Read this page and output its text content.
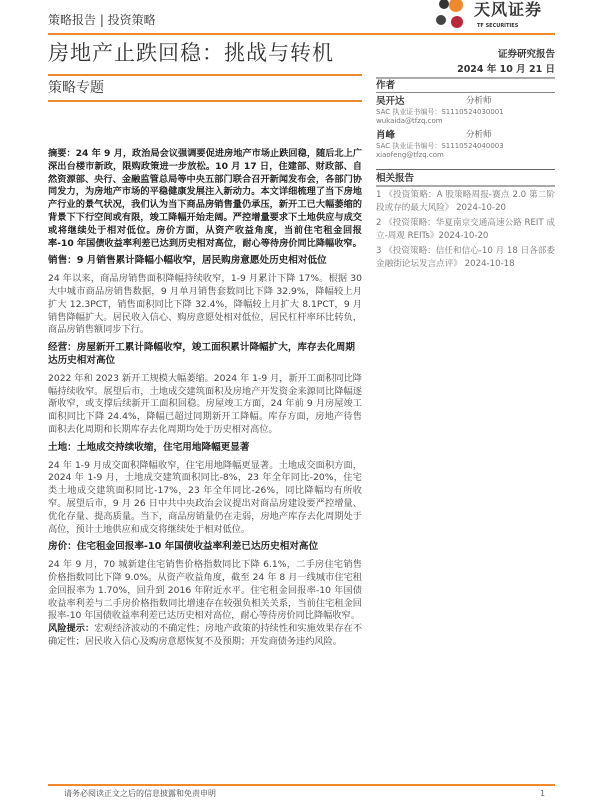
策略报告 | 投资策略
天风证券
TF SECURITIES
房地产止跌回稳：挑战与转机
策略专题

摘要：24 年 9 月，政治局会议强调要促进房地产市场止跌回稳，随后北上广深出台楼市新政，限购政策进一步放松。10 月 17 日，住建部、财政部、自然资源部、央行、金融监管总局等中央五部门联合召开新闻发布会，各部门协同发力，为房地产市场的平稳健康发展注入新动力。本文详细梳理了当下房地产行业的景气状况，我们认为当下商品房销售量仍承压，新开工已大幅萎缩的背景下下行空间或有限，竣工降幅开始走阔。严控增量要求下土地供应与成交或将继续处于相对低位。房价方面，从资产收益角度，当前住宅租金回报率-10 年国债收益率利差已达到历史相对高位，耐心等待房价同比降幅收窄。

销售：9 月销售累计降幅小幅收窄，居民购房意愿处历史相对低位

24 年以来，商品房销售面积降幅持续收窄，1-9 月累计下降 17%。根据 30 大中城市商品房销售数据，9 月单月销售套数同比下降 32.9%，降幅较上月扩大 12.3PCT，销售面积同比下降 32.4%，降幅较上月扩大 8.1PCT，9 月销售降幅扩大。居民收入信心、购房意愿处相对低位，居民杠杆率环比转负，商品房销售额同步下行。

经营：房屋新开工累计降幅收窄，竣工面积累计降幅扩大，库存去化周期达历史相对高位

2022 年和 2023 新开工规模大幅萎缩。2024 年 1-9 月，新开工面积同比降幅持续收窄。展望后市，土地成交建筑面积及房地产开发资金来源同比降幅逐渐收窄，或支撑后续新开工面积回稳。房屋竣工方面，24 年前 9 月房屋竣工面积同比下降 24.4%，降幅已超过同期新开工降幅。库存方面，房地产待售面积去化周期和长期库存去化周期均处于历史相对高位。

土地：土地成交持续收缩，住宅用地降幅更显著

24 年 1-9 月成交面积降幅收窄，住宅用地降幅更显著。土地成交面积方面，2024 年 1-9 月，土地成交建筑面积同比-8%，23 年全年同比-20%，住宅类土地成交建筑面积同比-17%，23 年全年同比-26%，同比降幅均有所收窄。展望后市，9 月 26 日中共中央政治会议提出对商品房建设要严控增量、优化存量、提高质量。当下，商品房销量仍在走弱，房地产库存去化周期处于高位，预计土地供应和成交将继续处于相对低位。

房价：住宅租金回报率-10 年国债收益率利差已达历史相对高位

24 年 9 月，70 城新建住宅销售价格指数同比下降 6.1%，二手房住宅销售价格指数同比下降 9.0%。从资产收益角度，截至 24 年 8 月一线城市住宅租金回报率为 1.70%，回升到 2016 年附近水平。住宅租金回报率-10 年国债收益率利差与二手房价格指数同比增速存在较强负相关关系，当前住宅租金回报率-10 年国债收益率利差已达历史相对高位，耐心等待房价同比降幅收窄。

风险提示：宏观经济波动的不确定性；房地产政策的持续性和实施效果存在不确定性；居民收入信心及购房意愿恢复不及预期；开发商债务违约风险。

证券研究报告
2024 年 10 月 21 日
作者
吴开达	分析师
SAC 执业证书编号：S1110524030001
wukaida@tfzq.com
肖峰	分析师
SAC 执业证书编号：S1110524040003
xiaofeng@tfzq.com
相关报告
1 《投资策略：A 股策略周报-赛点 2.0 第二阶段或存的最大风险》 2024-10-20
2 《投资策略：华夏南京交通高速公路 REIT 成立-周观 REITs》2024-10-20
3 《投资策略：信任和信心-10 月 18 日各部委金融街论坛发言点评》 2024-10-18
请务必阅读正文之后的信息披露和免责申明	1
